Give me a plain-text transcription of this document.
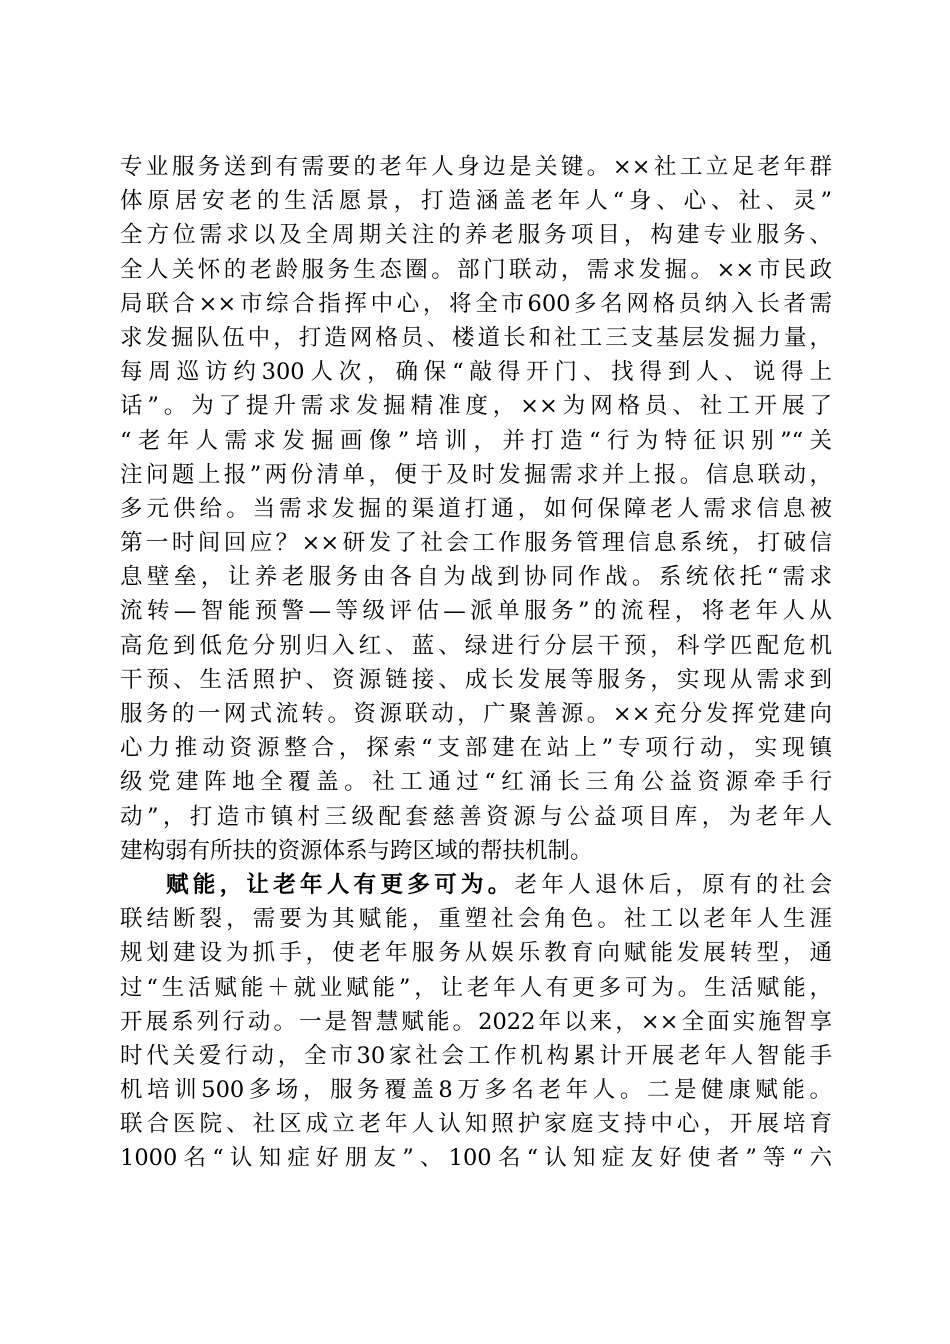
专业服务送到有需要的老年人身边是关键。××社工立足老年群
体原居安老的生活愿景，打造涵盖老年人“身、心、社、灵”
全方位需求以及全周期关注的养老服务项目，构建专业服务、
全人关怀的老龄服务生态圈。部门联动，需求发掘。××市民政
局联合××市综合指挥中心，将全市600多名网格员纳入长者需
求发掘队伍中，打造网格员、楼道长和社工三支基层发掘力量，
每周巡访约300人次，确保“敲得开门、找得到人、说得上
话”。为了提升需求发掘精准度，××为网格员、社工开展了
“老年人需求发掘画像”培训，并打造“行为特征识别”“关
注问题上报”两份清单，便于及时发掘需求并上报。信息联动，
多元供给。当需求发掘的渠道打通，如何保障老人需求信息被
第一时间回应？××研发了社会工作服务管理信息系统，打破信
息壁垒，让养老服务由各自为战到协同作战。系统依托“需求
流转—智能预警—等级评估—派单服务”的流程，将老年人从
高危到低危分别归入红、蓝、绿进行分层干预，科学匹配危机
干预、生活照护、资源链接、成长发展等服务，实现从需求到
服务的一网式流转。资源联动，广聚善源。××充分发挥党建向
心力推动资源整合，探索“支部建在站上”专项行动，实现镇
级党建阵地全覆盖。社工通过“红涌长三角公益资源牵手行
动”，打造市镇村三级配套慈善资源与公益项目库，为老年人
建构弱有所扶的资源体系与跨区域的帮扶机制。
赋能，让老年人有更多可为。老年人退休后，原有的社会
联结断裂，需要为其赋能，重塑社会角色。社工以老年人生涯
规划建设为抓手，使老年服务从娱乐教育向赋能发展转型，通
过“生活赋能＋就业赋能”，让老年人有更多可为。生活赋能，
开展系列行动。一是智慧赋能。2022年以来，××全面实施智享
时代关爱行动，全市30家社会工作机构累计开展老年人智能手
机培训500多场，服务覆盖8万多名老年人。二是健康赋能。
联合医院、社区成立老年人认知照护家庭支持中心，开展培育
1000名“认知症好朋友”、100名“认知症友好使者”等“六
